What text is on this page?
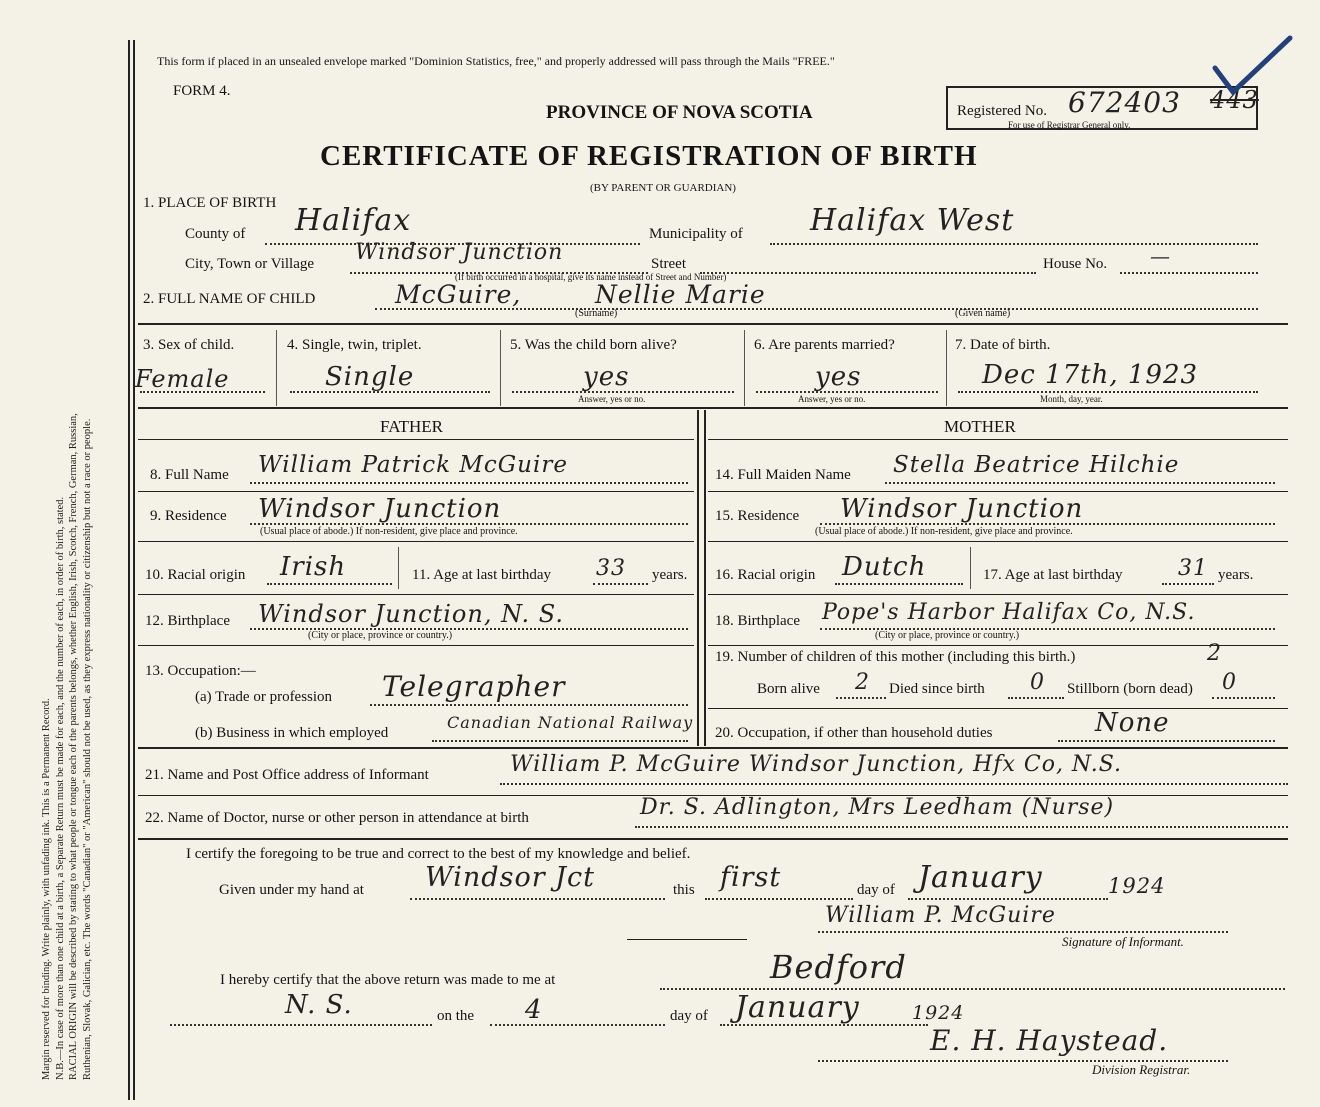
Margin reserved for binding. Write plainly, with unfading ink. This is a Permanent Record. N.B.—In case of more than one child at a birth, a Separate Return must be made for each, and the number of each, in order of birth, stated. RACIAL ORIGIN will be described by stating to what people or tongue each of the parents belongs, whether English, Irish, Scotch, French, German, Russian, Ruthenian, Slovak, Galician, etc. The words "Canadian" or "American" should not be used, as they express nationality or citizenship but not a race or people.
This form if placed in an unsealed envelope marked "Dominion Statistics, free," and properly addressed will pass through the Mails "FREE."
FORM 4.
PROVINCE OF NOVA SCOTIA
CERTIFICATE OF REGISTRATION OF BIRTH
(BY PARENT OR GUARDIAN)
Registered No. 672403 443
For use of Registrar General only.
1. PLACE OF BIRTH
County of Halifax	Municipality of Halifax West
City, Town or Village Windsor Junction	Street	House No. —
(If birth occurred in a hospital, give its name instead of Street and Number)
2. FULL NAME OF CHILD	McGuire,	Nellie Marie
(Surname)	(Given name)
3. Sex of child.
Female
4. Single, twin, triplet.
Single
5. Was the child born alive?
yes
Answer, yes or no.
6. Are parents married?
yes
Answer, yes or no.
7. Date of birth.
Dec 17th, 1923
Month, day, year.
FATHER	MOTHER
8. Full Name William Patrick McGuire
9. Residence Windsor Junction
(Usual place of abode.) If non-resident, give place and province.
10. Racial origin Irish	11. Age at last birthday 33 years.
12. Birthplace Windsor Junction, N. S.
(City or place, province or country.)
13. Occupation:—
(a) Trade or profession Telegrapher
(b) Business in which employed
Canadian National Railway
14. Full Maiden Name Stella Beatrice Hilchie
15. Residence Windsor Junction
(Usual place of abode.) If non-resident, give place and province.
16. Racial origin Dutch	17. Age at last birthday	31 years.
18. Birthplace Pope's Harbor Halifax Co, N.S.
(City or place, province or country.)
19. Number of children of this mother (including this birth.)	2
Born alive 2 Died since birth 0 Stillborn (born dead) 0
20. Occupation, if other than household duties	None
21. Name and Post Office address of Informant	William P. McGuire Windsor Junction, Hfx Co, N.S.
22. Name of Doctor, nurse or other person in attendance at birth	Dr. S. Adlington, Mrs Leedham (Nurse)
I certify the foregoing to be true and correct to the best of my knowledge and belief.
Given under my hand at Windsor Jct	this first	day of January	1924
William P. McGuire
Signature of Informant.
I hereby certify that the above return was made to me at	Bedford
N. S.	on the 4	day of January	1924
E. H. Haystead.
Division Registrar.
